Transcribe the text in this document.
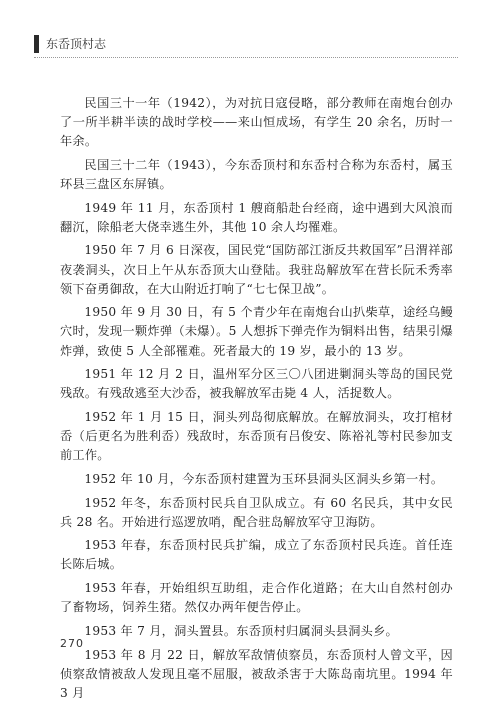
东岙顶村志

民国三十一年（1942），为对抗日寇侵略，部分教师在南炮台创办了一所半耕半读的战时学校——来山恒成场，有学生 20 余名，历时一年余。

民国三十二年（1943），今东岙顶村和东岙村合称为东岙村，属玉环县三盘区东屏镇。

1949 年 11 月，东岙顶村 1 艘商船赴台经商，途中遇到大风浪而翻沉，除船老大侥幸逃生外，其他 10 余人均罹难。

1950 年 7 月 6 日深夜，国民党“国防部江浙反共救国军”吕渭祥部夜袭洞头，次日上午从东岙顶大山登陆。我驻岛解放军在营长阮禾秀率领下奋勇御敌，在大山附近打响了“七七保卫战”。

1950 年 9 月 30 日，有 5 个青少年在南炮台山扒柴草，途经乌鳗穴时，发现一颗炸弹（未爆）。5 人想拆下弹壳作为铜料出售，结果引爆炸弹，致使 5 人全部罹难。死者最大的 19 岁，最小的 13 岁。

1951 年 12 月 2 日，温州军分区三〇八团进剿洞头等岛的国民党残敌。有残敌逃至大沙岙，被我解放军击毙 4 人，活捉数人。

1952 年 1 月 15 日，洞头列岛彻底解放。在解放洞头，攻打棺材岙（后更名为胜利岙）残敌时，东岙顶有吕俊安、陈裕礼等村民参加支前工作。

1952 年 10 月，今东岙顶村建置为玉环县洞头区洞头乡第一村。

1952 年冬，东岙顶村民兵自卫队成立。有 60 名民兵，其中女民兵 28 名。开始进行巡逻放哨，配合驻岛解放军守卫海防。

1953 年春，东岙顶村民兵扩编，成立了东岙顶村民兵连。首任连长陈后城。

1953 年春，开始组织互助组，走合作化道路；在大山自然村创办了畜物场，饲养生猪。然仅办两年便告停止。

1953 年 7 月，洞头置县。东岙顶村归属洞头县洞头乡。

1953 年 8 月 22 日，解放军敌情侦察员，东岙顶村人曾文平，因侦察敌情被敌人发现且毫不屈服，被敌杀害于大陈岛南坑里。1994 年 3 月

270
